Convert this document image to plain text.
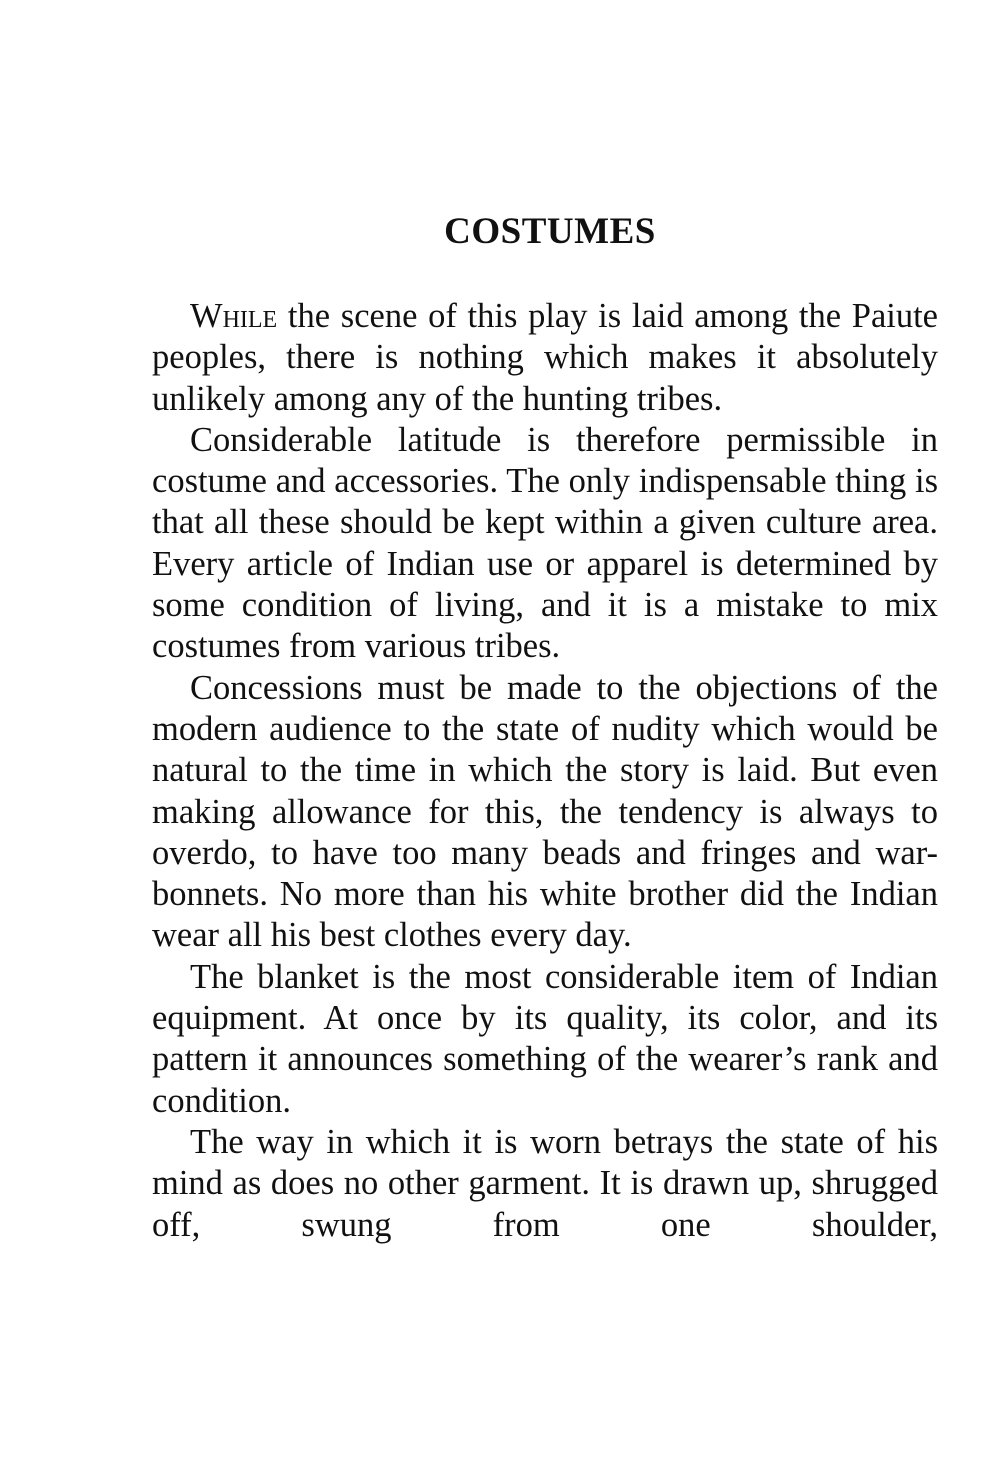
COSTUMES

While the scene of this play is laid among the Paiute peoples, there is nothing which makes it absolutely unlikely among any of the hunting tribes.

Considerable latitude is therefore permissible in costume and accessories. The only indispensable thing is that all these should be kept within a given culture area. Every article of Indian use or apparel is determined by some condition of living, and it is a mistake to mix costumes from various tribes.

Concessions must be made to the objections of the modern audience to the state of nudity which would be natural to the time in which the story is laid. But even making allowance for this, the tendency is always to overdo, to have too many beads and fringes and war-bonnets. No more than his white brother did the Indian wear all his best clothes every day.

The blanket is the most considerable item of Indian equipment. At once by its quality, its color, and its pattern it announces something of the wearer’s rank and condition.

The way in which it is worn betrays the state of his mind as does no other garment. It is drawn up, shrugged off, swung from one shoulder,
